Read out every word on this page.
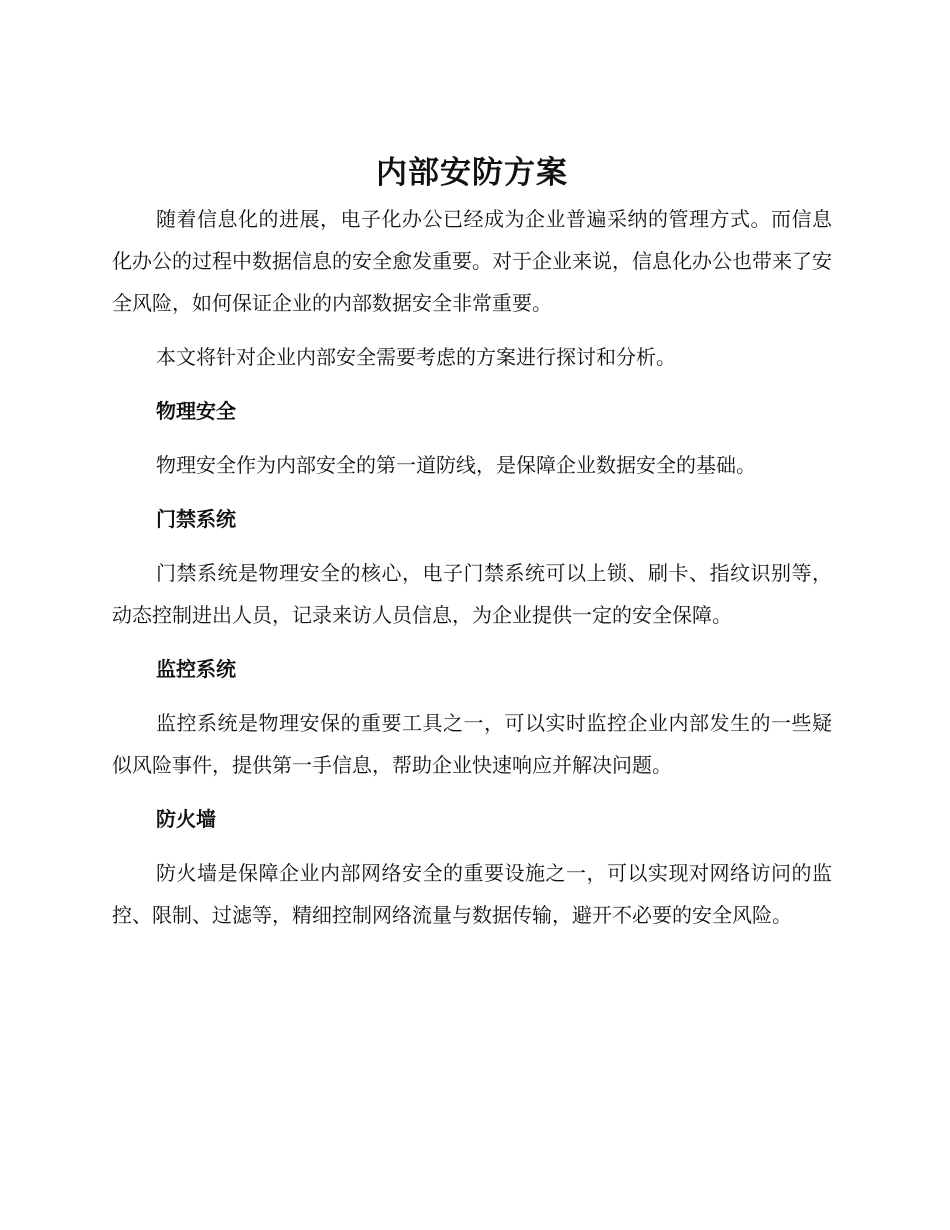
内部安防方案

随着信息化的进展，电子化办公已经成为企业普遍采纳的管理方式。而信息化办公的过程中数据信息的安全愈发重要。对于企业来说，信息化办公也带来了安全风险，如何保证企业的内部数据安全非常重要。

本文将针对企业内部安全需要考虑的方案进行探讨和分析。

物理安全

物理安全作为内部安全的第一道防线，是保障企业数据安全的基础。

门禁系统

门禁系统是物理安全的核心，电子门禁系统可以上锁、刷卡、指纹识别等，动态控制进出人员，记录来访人员信息，为企业提供一定的安全保障。

监控系统

监控系统是物理安保的重要工具之一，可以实时监控企业内部发生的一些疑似风险事件，提供第一手信息，帮助企业快速响应并解决问题。

防火墙

防火墙是保障企业内部网络安全的重要设施之一，可以实现对网络访问的监控、限制、过滤等，精细控制网络流量与数据传输，避开不必要的安全风险。
